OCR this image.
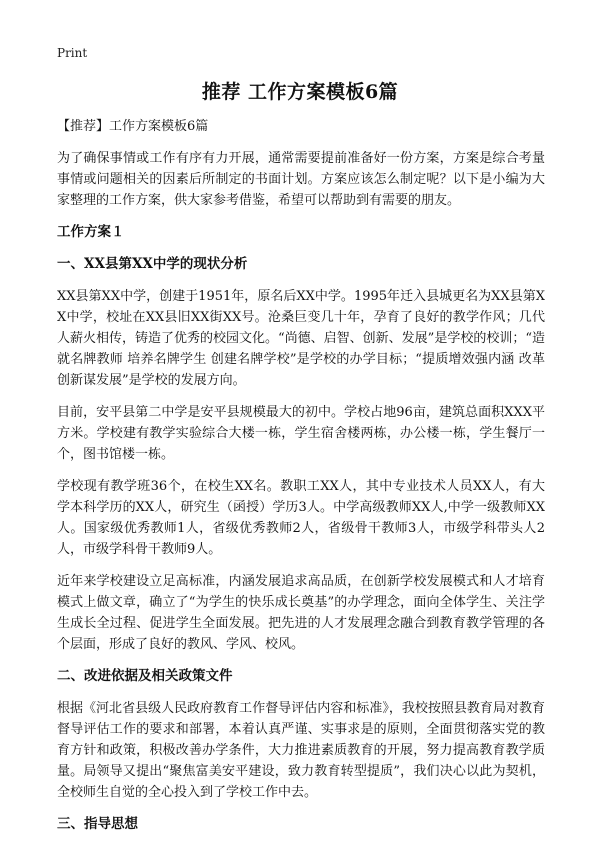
Print
推荐 工作方案模板6篇
【推荐】工作方案模板6篇

为了确保事情或工作有序有力开展，通常需要提前准备好一份方案，方案是综合考量事情或问题相关的因素后所制定的书面计划。方案应该怎么制定呢？以下是小编为大家整理的工作方案，供大家参考借鉴，希望可以帮助到有需要的朋友。

工作方案１
一、XX县第XX中学的现状分析

XX县第XX中学，创建于1951年，原名后XX中学。1995年迁入县城更名为XX县第XX中学，校址在XX县旧XX街XX号。沧桑巨变几十年，孕育了良好的教学作风；几代人薪火相传，铸造了优秀的校园文化。“尚德、启智、创新、发展”是学校的校训；“造就名牌教师 培养名牌学生 创建名牌学校”是学校的办学目标；“提质增效强内涵 改革创新谋发展”是学校的发展方向。

目前，安平县第二中学是安平县规模最大的初中。学校占地96亩，建筑总面积XXX平方米。学校建有教学实验综合大楼一栋，学生宿舍楼两栋，办公楼一栋，学生餐厅一个，图书馆楼一栋。

学校现有教学班36个，在校生XX名。教职工XX人，其中专业技术人员XX人，有大学本科学历的XX人，研究生（函授）学历3人。中学高级教师XX人,中学一级教师XX人。国家级优秀教师1人，省级优秀教师2人，省级骨干教师3人，市级学科带头人2人，市级学科骨干教师9人。

近年来学校建设立足高标准，内涵发展追求高品质，在创新学校发展模式和人才培育模式上做文章，确立了“为学生的快乐成长奠基”的办学理念，面向全体学生、关注学生成长全过程、促进学生全面发展。把先进的人才发展理念融合到教育教学管理的各个层面，形成了良好的教风、学风、校风。

二、改进依据及相关政策文件

根据《河北省县级人民政府教育工作督导评估内容和标准》，我校按照县教育局对教育督导评估工作的要求和部署，本着认真严谨、实事求是的原则，全面贯彻落实党的教育方针和政策，积极改善办学条件，大力推进素质教育的开展，努力提高教育教学质量。局领导又提出“聚焦富美安平建设，致力教育转型提质”，我们决心以此为契机，全校师生自觉的全心投入到了学校工作中去。

三、指导思想
